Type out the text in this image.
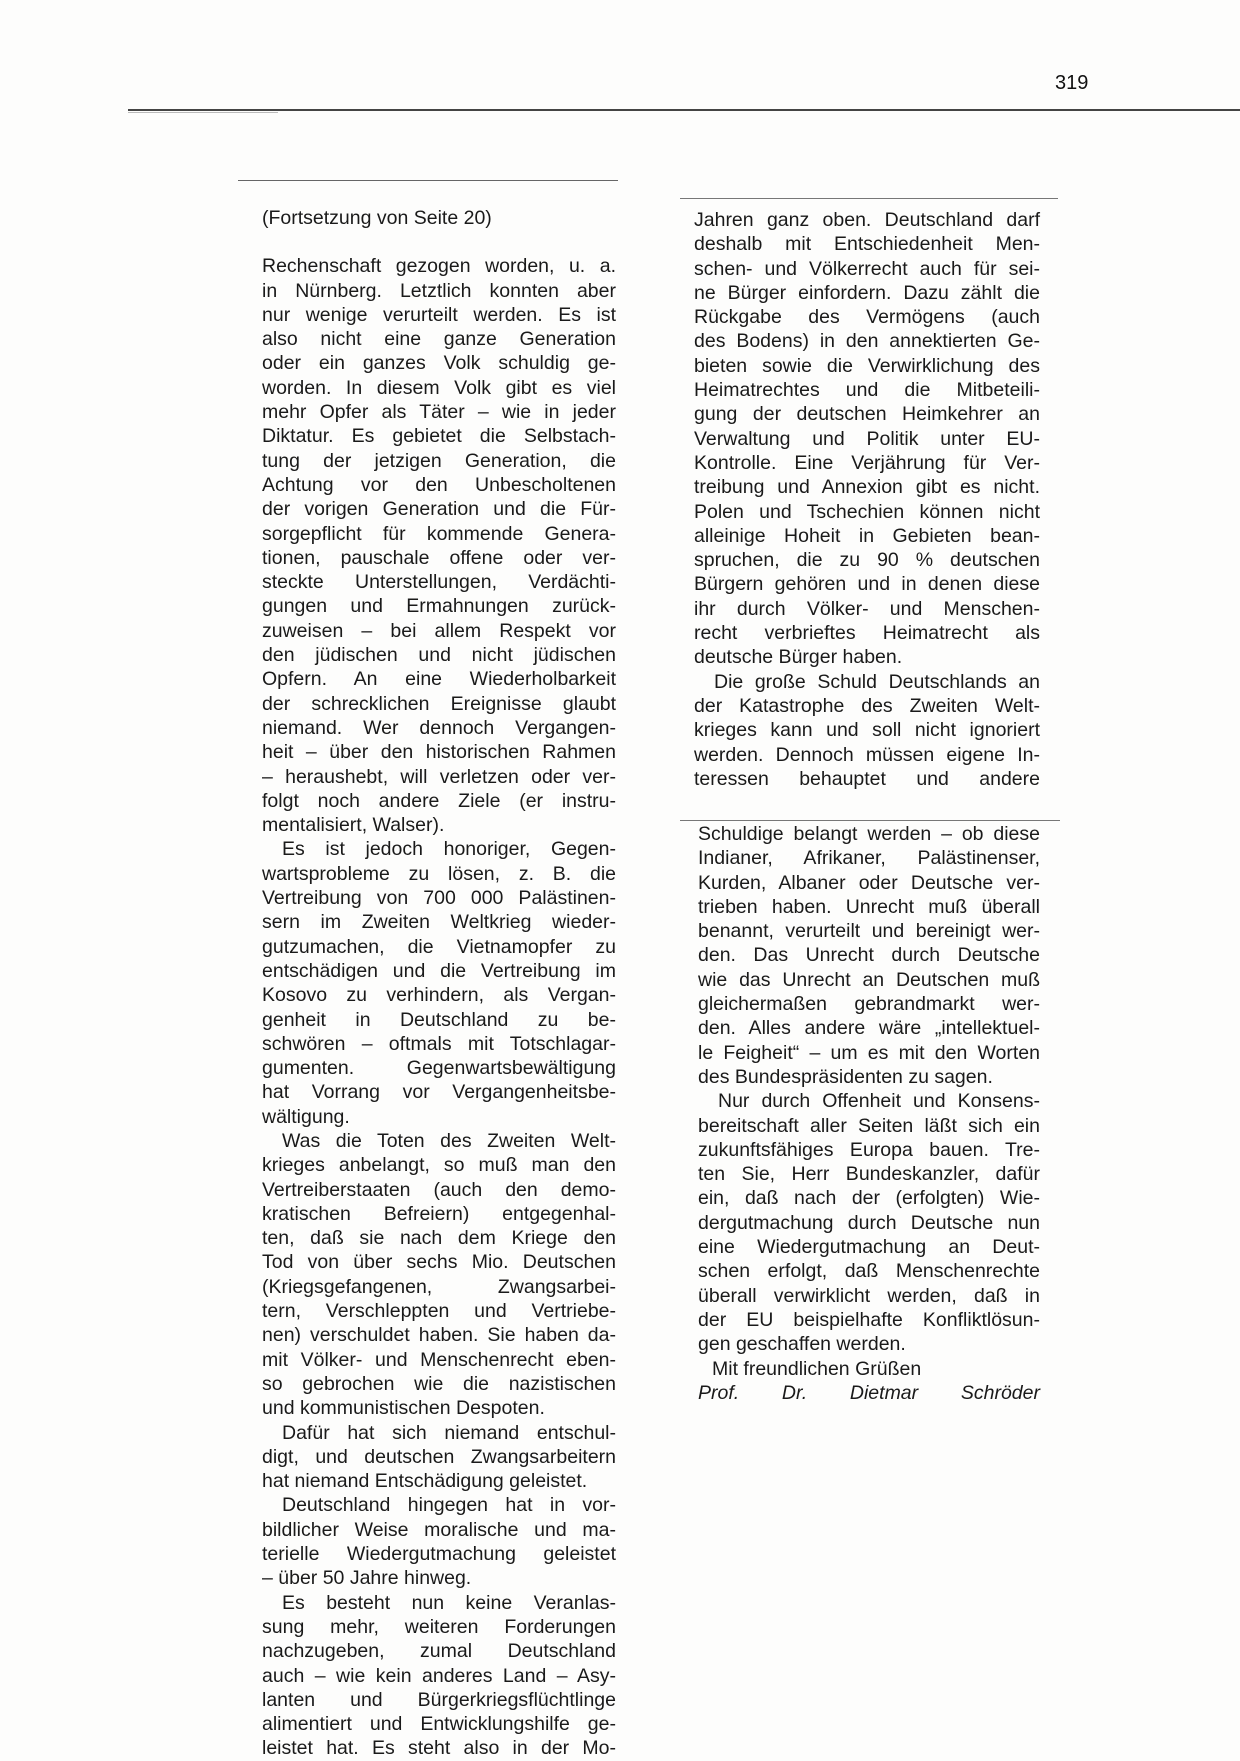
319
(Fortsetzung von Seite 20)
Rechenschaft gezogen worden, u. a.
in Nürnberg. Letztlich konnten aber
nur wenige verurteilt werden. Es ist
also nicht eine ganze Generation
oder ein ganzes Volk schuldig ge-
worden. In diesem Volk gibt es viel
mehr Opfer als Täter – wie in jeder
Diktatur. Es gebietet die Selbstach-
tung der jetzigen Generation, die
Achtung vor den Unbescholtenen
der vorigen Generation und die Für-
sorgepflicht für kommende Genera-
tionen, pauschale offene oder ver-
steckte Unterstellungen, Verdächti-
gungen und Ermahnungen zurück-
zuweisen – bei allem Respekt vor
den jüdischen und nicht jüdischen
Opfern. An eine Wiederholbarkeit
der schrecklichen Ereignisse glaubt
niemand. Wer dennoch Vergangen-
heit – über den historischen Rahmen
– heraushebt, will verletzen oder ver-
folgt noch andere Ziele (er instru-
mentalisiert, Walser).
Es ist jedoch honoriger, Gegen-
wartsprobleme zu lösen, z. B. die
Vertreibung von 700 000 Palästinen-
sern im Zweiten Weltkrieg wieder-
gutzumachen, die Vietnamopfer zu
entschädigen und die Vertreibung im
Kosovo zu verhindern, als Vergan-
genheit in Deutschland zu be-
schwören – oftmals mit Totschlagar-
gumenten. Gegenwartsbewältigung
hat Vorrang vor Vergangenheitsbe-
wältigung.
Was die Toten des Zweiten Welt-
krieges anbelangt, so muß man den
Vertreiberstaaten (auch den demo-
kratischen Befreiern) entgegenhal-
ten, daß sie nach dem Kriege den
Tod von über sechs Mio. Deutschen
(Kriegsgefangenen, Zwangsarbei-
tern, Verschleppten und Vertriebe-
nen) verschuldet haben. Sie haben da-
mit Völker- und Menschenrecht eben-
so gebrochen wie die nazistischen
und kommunistischen Despoten.
Dafür hat sich niemand entschul-
digt, und deutschen Zwangsarbeitern
hat niemand Entschädigung geleistet.
Deutschland hingegen hat in vor-
bildlicher Weise moralische und ma-
terielle Wiedergutmachung geleistet
– über 50 Jahre hinweg.
Es besteht nun keine Veranlas-
sung mehr, weiteren Forderungen
nachzugeben, zumal Deutschland
auch – wie kein anderes Land – Asy-
lanten und Bürgerkriegsflüchtlinge
alimentiert und Entwicklungshilfe ge-
leistet hat. Es steht also in der Mo-
Jahren ganz oben. Deutschland darf
deshalb mit Entschiedenheit Men-
schen- und Völkerrecht auch für sei-
ne Bürger einfordern. Dazu zählt die
Rückgabe des Vermögens (auch
des Bodens) in den annektierten Ge-
bieten sowie die Verwirklichung des
Heimatrechtes und die Mitbeteili-
gung der deutschen Heimkehrer an
Verwaltung und Politik unter EU-
Kontrolle. Eine Verjährung für Ver-
treibung und Annexion gibt es nicht.
Polen und Tschechien können nicht
alleinige Hoheit in Gebieten bean-
spruchen, die zu 90 % deutschen
Bürgern gehören und in denen diese
ihr durch Völker- und Menschen-
recht verbrieftes Heimatrecht als
deutsche Bürger haben.
Die große Schuld Deutschlands an
der Katastrophe des Zweiten Welt-
krieges kann und soll nicht ignoriert
werden. Dennoch müssen eigene In-
teressen behauptet und andere
Schuldige belangt werden – ob diese
Indianer, Afrikaner, Palästinenser,
Kurden, Albaner oder Deutsche ver-
trieben haben. Unrecht muß überall
benannt, verurteilt und bereinigt wer-
den. Das Unrecht durch Deutsche
wie das Unrecht an Deutschen muß
gleichermaßen gebrandmarkt wer-
den. Alles andere wäre „intellektuel-
le Feigheit“ – um es mit den Worten
des Bundespräsidenten zu sagen.
Nur durch Offenheit und Konsens-
bereitschaft aller Seiten läßt sich ein
zukunftsfähiges Europa bauen. Tre-
ten Sie, Herr Bundeskanzler, dafür
ein, daß nach der (erfolgten) Wie-
dergutmachung durch Deutsche nun
eine Wiedergutmachung an Deut-
schen erfolgt, daß Menschenrechte
überall verwirklicht werden, daß in
der EU beispielhafte Konfliktlösun-
gen geschaffen werden.
Mit freundlichen Grüßen
Prof. Dr. Dietmar Schröder
